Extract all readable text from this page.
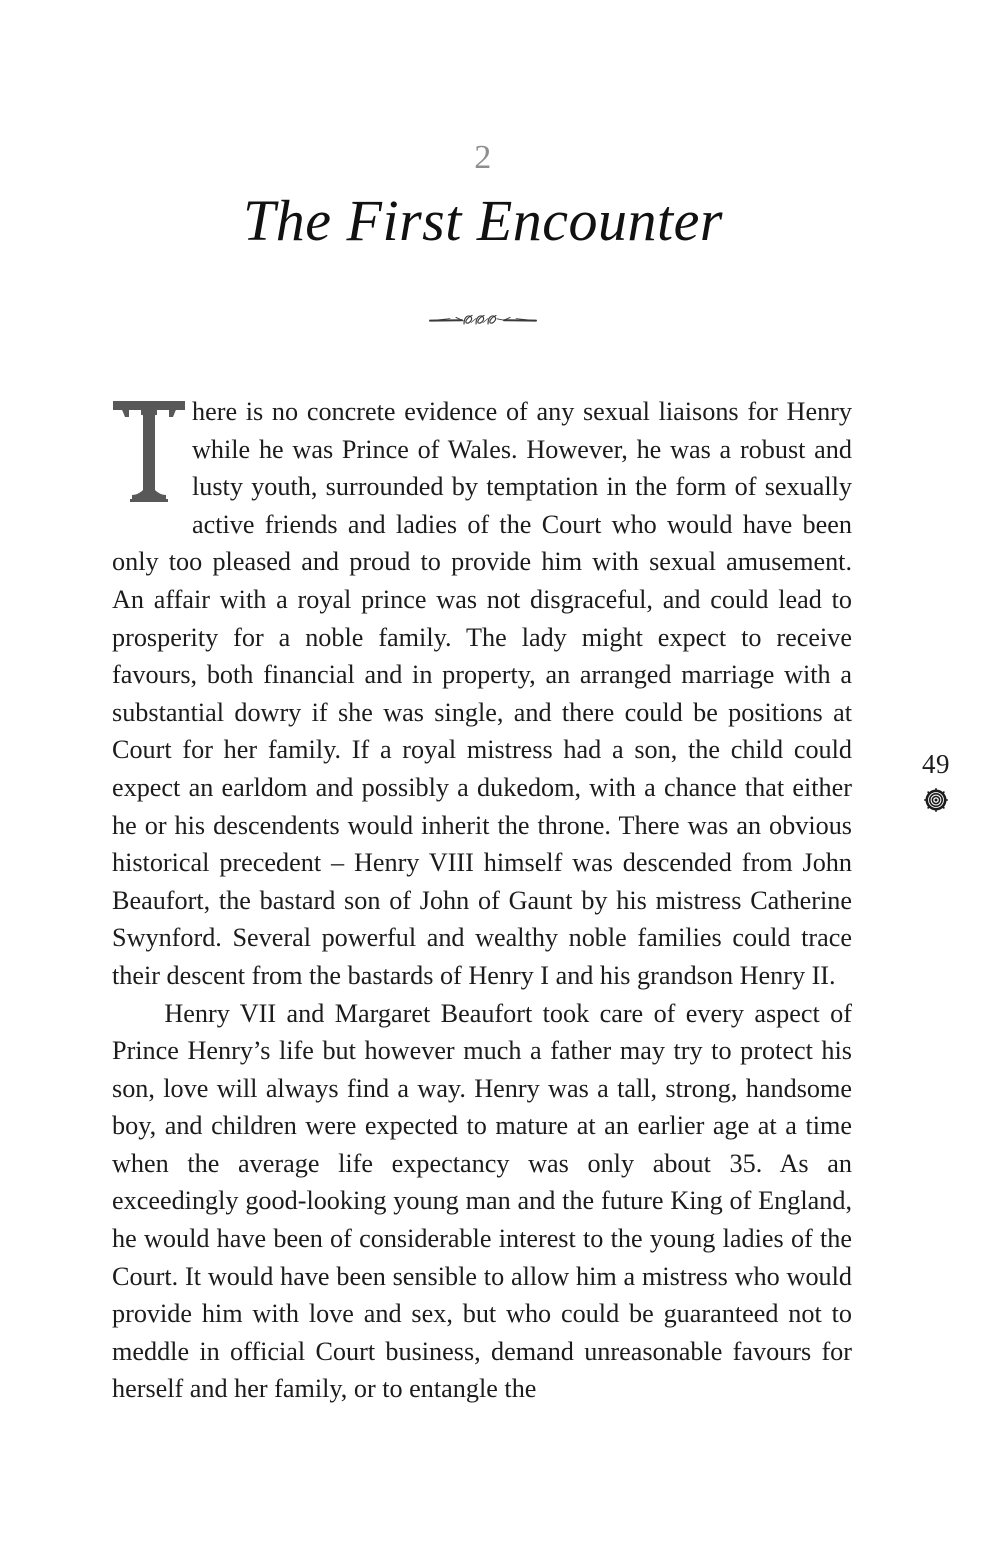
2
The First Encounter

here is no concrete evidence of any sexual liaisons for Henry while he was Prince of Wales. However, he was a robust and lusty youth, surrounded by temptation in the form of sexually active friends and ladies of the Court who would have been only too pleased and proud to provide him with sexual amusement. An affair with a royal prince was not disgraceful, and could lead to prosperity for a noble family. The lady might expect to receive favours, both financial and in property, an arranged marriage with a substantial dowry if she was single, and there could be positions at Court for her family. If a royal mistress had a son, the child could expect an earldom and possibly a dukedom, with a chance that either he or his descendents would inherit the throne. There was an obvious historical precedent – Henry VIII himself was descended from John Beaufort, the bastard son of John of Gaunt by his mistress Catherine Swynford. Several powerful and wealthy noble families could trace their descent from the bastards of Henry I and his grandson Henry II.

Henry VII and Margaret Beaufort took care of every aspect of Prince Henry’s life but however much a father may try to protect his son, love will always find a way. Henry was a tall, strong, handsome boy, and children were expected to mature at an earlier age at a time when the average life expectancy was only about 35. As an exceedingly good-looking young man and the future King of England, he would have been of considerable interest to the young ladies of the Court. It would have been sensible to allow him a mistress who would provide him with love and sex, but who could be guaranteed not to meddle in official Court business, demand unreasonable favours for herself and her family, or to entangle the

49
